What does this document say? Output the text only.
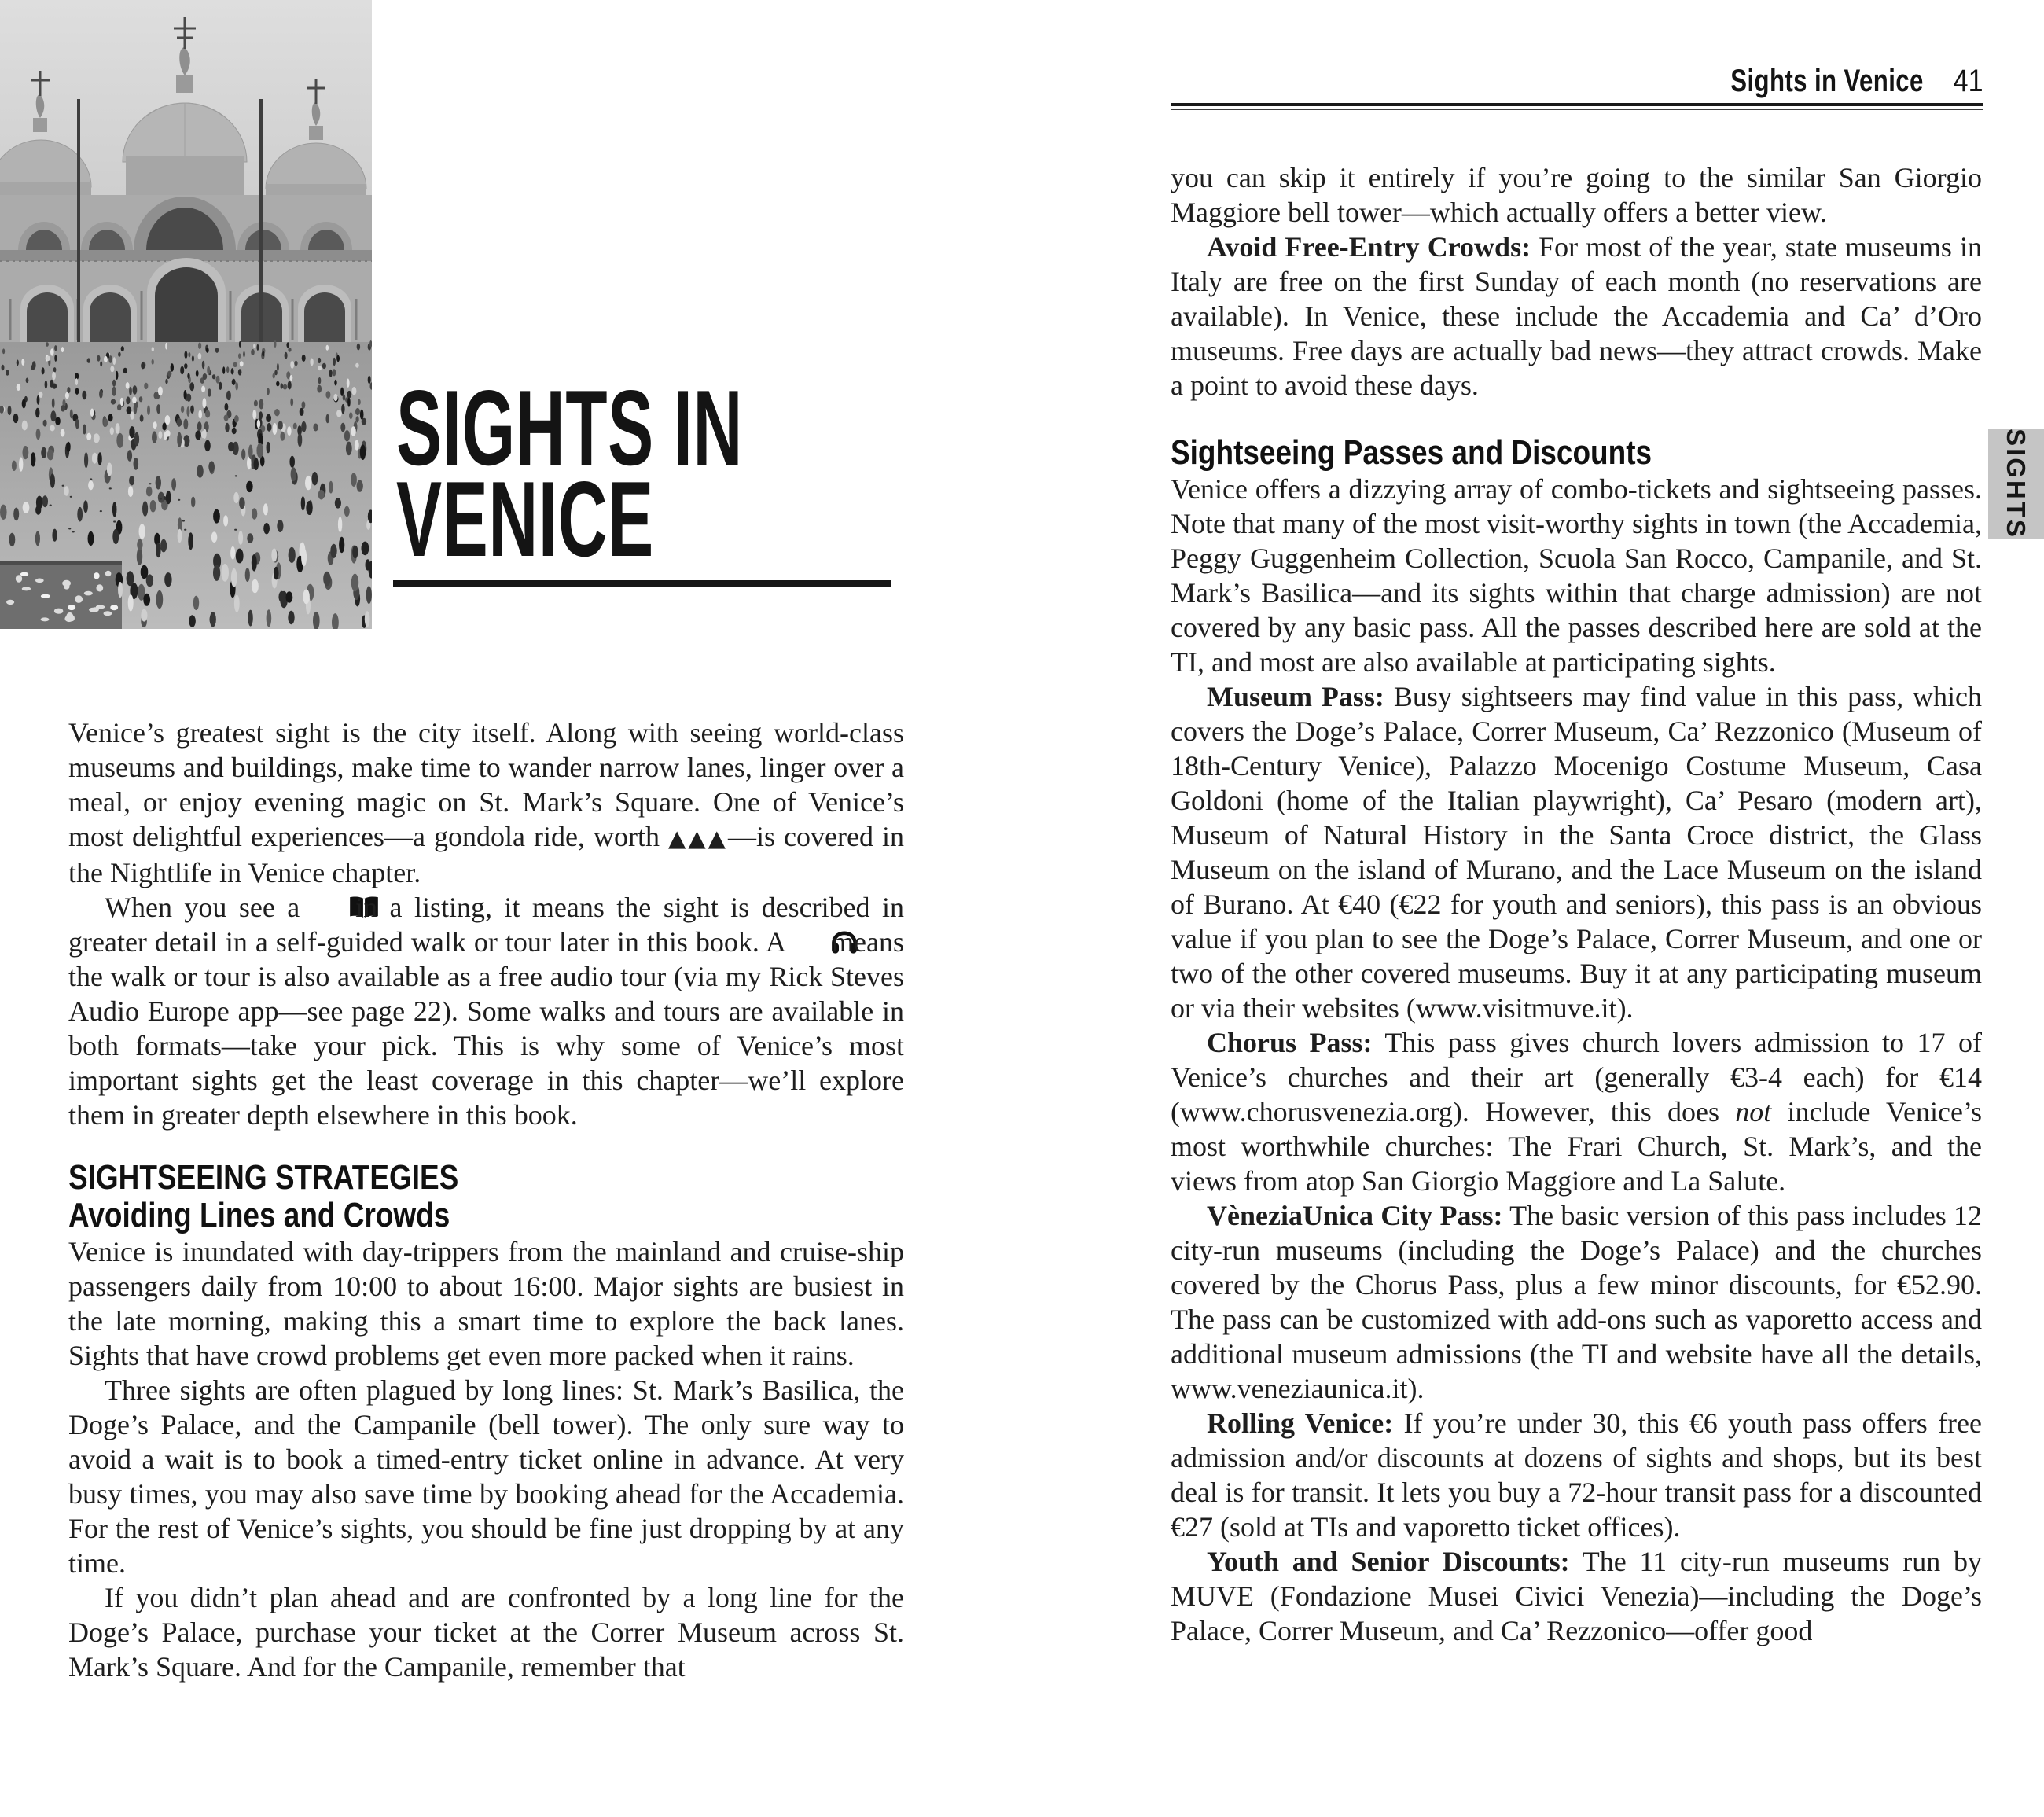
SIGHTS IN
VENICE

Venice’s greatest sight is the city itself. Along with seeing world-class museums and buildings, make time to wander narrow lanes, linger over a meal, or enjoy evening magic on St. Mark’s Square. One of Venice’s most delightful experiences—a gondola ride, worth ▲▲▲—is covered in the Nightlife in Venice chapter.

When you see a  in a listing, it means the sight is described in greater detail in a self-guided walk or tour later in this book. A  means the walk or tour is also available as a free audio tour (via my Rick Steves Audio Europe app—see page 22). Some walks and tours are available in both formats—take your pick. This is why some of Venice’s most important sights get the least coverage in this chapter—we’ll explore them in greater depth elsewhere in this book.

SIGHTSEEING STRATEGIES
Avoiding Lines and Crowds

Venice is inundated with day-trippers from the mainland and cruise-ship passengers daily from 10:00 to about 16:00. Major sights are busiest in the late morning, making this a smart time to explore the back lanes. Sights that have crowd problems get even more packed when it rains.

Three sights are often plagued by long lines: St. Mark’s Basilica, the Doge’s Palace, and the Campanile (bell tower). The only sure way to avoid a wait is to book a timed-entry ticket online in advance. At very busy times, you may also save time by booking ahead for the Accademia. For the rest of Venice’s sights, you should be fine just dropping by at any time.

If you didn’t plan ahead and are confronted by a long line for the Doge’s Palace, purchase your ticket at the Correr Museum across St. Mark’s Square. And for the Campanile, remember that

Sights in Venice 41

you can skip it entirely if you’re going to the similar San Giorgio Maggiore bell tower—which actually offers a better view.

Avoid Free-Entry Crowds: For most of the year, state museums in Italy are free on the first Sunday of each month (no reservations are available). In Venice, these include the Accademia and Ca’ d’Oro museums. Free days are actually bad news—they attract crowds. Make a point to avoid these days.

Sightseeing Passes and Discounts

Venice offers a dizzying array of combo-tickets and sightseeing passes. Note that many of the most visit-worthy sights in town (the Accademia, Peggy Guggenheim Collection, Scuola San Rocco, Campanile, and St. Mark’s Basilica—and its sights within that charge admission) are not covered by any basic pass. All the passes described here are sold at the TI, and most are also available at participating sights.

Museum Pass: Busy sightseers may find value in this pass, which covers the Doge’s Palace, Correr Museum, Ca’ Rezzonico (Museum of 18th-Century Venice), Palazzo Mocenigo Costume Museum, Casa Goldoni (home of the Italian playwright), Ca’ Pesaro (modern art), Museum of Natural History in the Santa Croce district, the Glass Museum on the island of Murano, and the Lace Museum on the island of Burano. At €40 (€22 for youth and seniors), this pass is an obvious value if you plan to see the Doge’s Palace, Correr Museum, and one or two of the other covered museums. Buy it at any participating museum or via their websites (www.visitmuve.it).

Chorus Pass: This pass gives church lovers admission to 17 of Venice’s churches and their art (generally €3-4 each) for €14 (www.chorusvenezia.org). However, this does not include Venice’s most worthwhile churches: The Frari Church, St. Mark’s, and the views from atop San Giorgio Maggiore and La Salute.

VèneziaUnica City Pass: The basic version of this pass includes 12 city-run museums (including the Doge’s Palace) and the churches covered by the Chorus Pass, plus a few minor discounts, for €52.90. The pass can be customized with add-ons such as vaporetto access and additional museum admissions (the TI and website have all the details, www.veneziaunica.it).

Rolling Venice: If you’re under 30, this €6 youth pass offers free admission and/or discounts at dozens of sights and shops, but its best deal is for transit. It lets you buy a 72-hour transit pass for a discounted €27 (sold at TIs and vaporetto ticket offices).

Youth and Senior Discounts: The 11 city-run museums run by MUVE (Fondazione Musei Civici Venezia)—including the Doge’s Palace, Correr Museum, and Ca’ Rezzonico—offer good

SIGHTS
